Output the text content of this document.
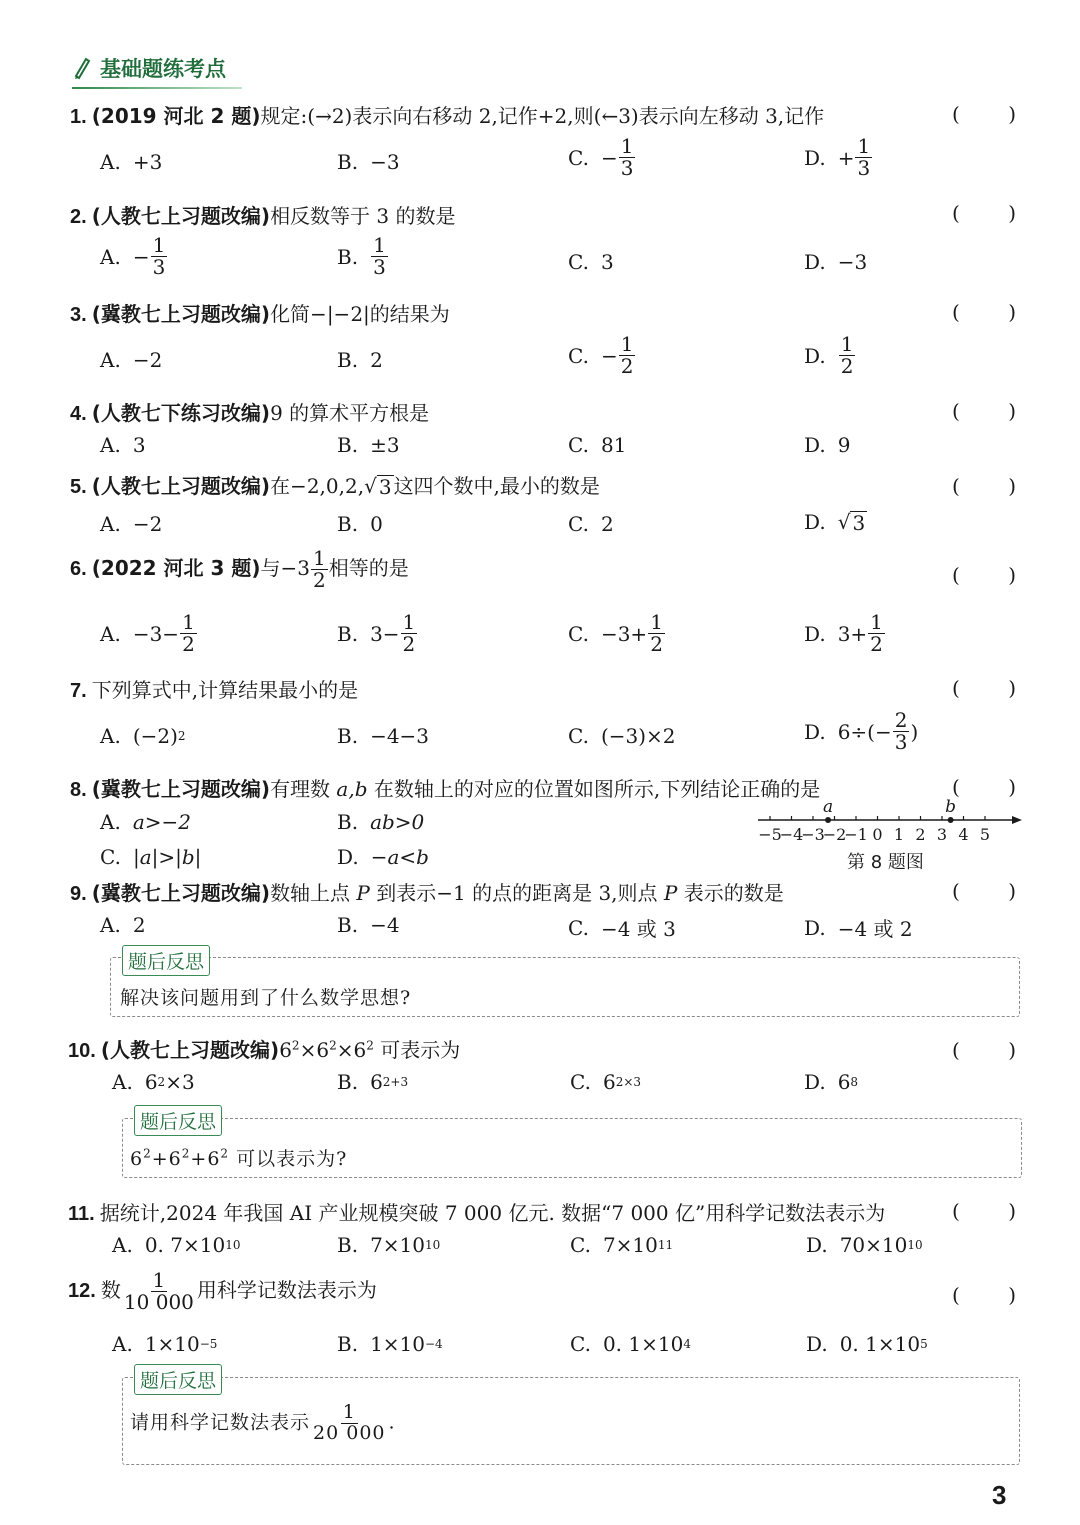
基础题练考点
1. (2019 河北 2 题)规定:(→2)表示向右移动 2,记作+2,则(←3)表示向左移动 3,记作	( )
A. +3	B. −3	C. − $\frac{1}{3}$	D. + $\frac{1}{3}$
2. (人教七上习题改编)相反数等于 3 的数是	( )
A. − $\frac{1}{3}$	B. $\frac{1}{3}$	C. 3	D. −3
3. (冀教七上习题改编)化简−|−2|的结果为	( )
A. −2	B. 2	C. − $\frac{1}{2}$	D. $\frac{1}{2}$
4. (人教七下练习改编)9 的算术平方根是	( )
A. 3	B. ±3	C. 81	D. 9
5. (人教七上习题改编)在−2,0,2, √ 3 这四个数中,最小的数是	( )
A. −2	B. 0	C. 2	D. √ 3
6. (2022 河北 3 题)与$-3 \frac{1}{2}$ 相等的是	( )
A. $-3- \frac{1}{2}$	B. $3- \frac{1}{2}$	C. $-3+ \frac{1}{2}$	D. $3+ \frac{1}{2}$
7. 下列算式中,计算结果最小的是	( )
A. (−2) 2	B. −4−3	C. (−3)×2	D. $6\div(- \frac{2}{3}$ )
8. (冀教七上习题改编)有理数 a,b 在数轴上的对应的位置如图所示,下列结论正确的是	( )
A. a>−2	B. ab>0
C. |a|>|b|	D. −a<b
−5
−4
−3
−2
−1 0 1 2 3 4 5
a	b
第 8 题图
9. (冀教七上习题改编)数轴上点 P 到表示−1 的点的距离是 3,则点 P 表示的数是	( )
A. 2	B. −4	C. −4 或 3	D. −4 或 2
题后反思
解决该问题用到了什么数学思想?
10. (人教七上习题改编)$6^2\times 6^2\times 6^2$ 可表示为	( )
A. 6 2 ×3	B. 6 2+3	C. 6 2×3	D. 6 8
题后反思
$6^2+6^2+6^2$ 可以表示为?
11. 据统计,2024 年我国 AI 产业规模突破 7 000 亿元. 数据“7 000 亿”用科学记数法表示为	( )
A. 0. 7×10 10	B. 7×10 10	C. 7×10 11	D. 70×10 10
12. 数 $\frac{1}{10 000}$ 用科学记数法表示为	( )
A. 1×10 −5	B. 1×10 −4	C. 0. 1×10 4	D. 0. 1×10 5
题后反思
请用科学记数法表示 $\frac{1}{20 000}$ .
3
